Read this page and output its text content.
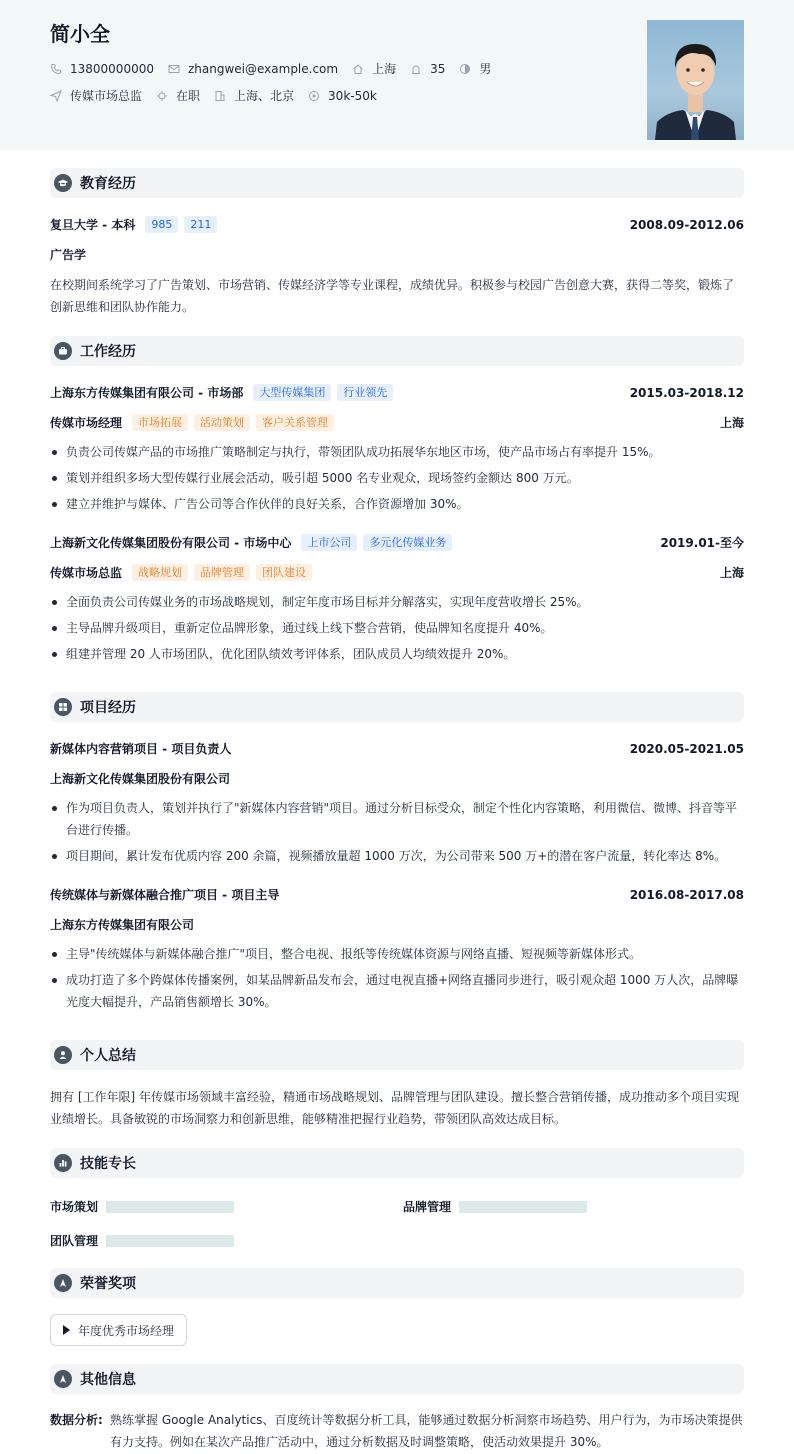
简小全
13800000000	zhangwei@example.com	上海	35	男
传媒市场总监	在职	上海、北京	30k-50k
教育经历
复旦大学 - 本科	985	211	2008.09-2012.06
广告学
在校期间系统学习了广告策划、市场营销、传媒经济学等专业课程，成绩优异。积极参与校园广告创意大赛，获得二等奖，锻炼了创新思维和团队协作能力。
工作经历
上海东方传媒集团有限公司 - 市场部	大型传媒集团	行业领先	2015.03-2018.12
传媒市场经理	市场拓展	活动策划	客户关系管理	上海
负责公司传媒产品的市场推广策略制定与执行，带领团队成功拓展华东地区市场，使产品市场占有率提升 15%。
策划并组织多场大型传媒行业展会活动，吸引超 5000 名专业观众，现场签约金额达 800 万元。
建立并维护与媒体、广告公司等合作伙伴的良好关系，合作资源增加 30%。
上海新文化传媒集团股份有限公司 - 市场中心	上市公司	多元化传媒业务	2019.01-至今
传媒市场总监	战略规划	品牌管理	团队建设	上海
全面负责公司传媒业务的市场战略规划，制定年度市场目标并分解落实，实现年度营收增长 25%。
主导品牌升级项目，重新定位品牌形象，通过线上线下整合营销，使品牌知名度提升 40%。
组建并管理 20 人市场团队，优化团队绩效考评体系，团队成员人均绩效提升 20%。
项目经历
新媒体内容营销项目 - 项目负责人	2020.05-2021.05
上海新文化传媒集团股份有限公司
作为项目负责人，策划并执行了"新媒体内容营销"项目。通过分析目标受众，制定个性化内容策略，利用微信、微博、抖音等平台进行传播。
项目期间，累计发布优质内容 200 余篇，视频播放量超 1000 万次，为公司带来 500 万+的潜在客户流量，转化率达 8%。
传统媒体与新媒体融合推广项目 - 项目主导	2016.08-2017.08
上海东方传媒集团有限公司
主导"传统媒体与新媒体融合推广"项目，整合电视、报纸等传统媒体资源与网络直播、短视频等新媒体形式。
成功打造了多个跨媒体传播案例，如某品牌新品发布会，通过电视直播+网络直播同步进行，吸引观众超 1000 万人次，品牌曝光度大幅提升，产品销售额增长 30%。
个人总结
拥有 [工作年限] 年传媒市场领域丰富经验，精通市场战略规划、品牌管理与团队建设。擅长整合营销传播，成功推动多个项目实现业绩增长。具备敏锐的市场洞察力和创新思维，能够精准把握行业趋势，带领团队高效达成目标。
技能专长
市场策划	品牌管理
团队管理
荣誉奖项
年度优秀市场经理
其他信息
数据分析: 熟练掌握 Google Analytics、百度统计等数据分析工具，能够通过数据分析洞察市场趋势、用户行为，为市场决策提供有力支持。例如在某次产品推广活动中，通过分析数据及时调整策略，使活动效果提升 30%。
